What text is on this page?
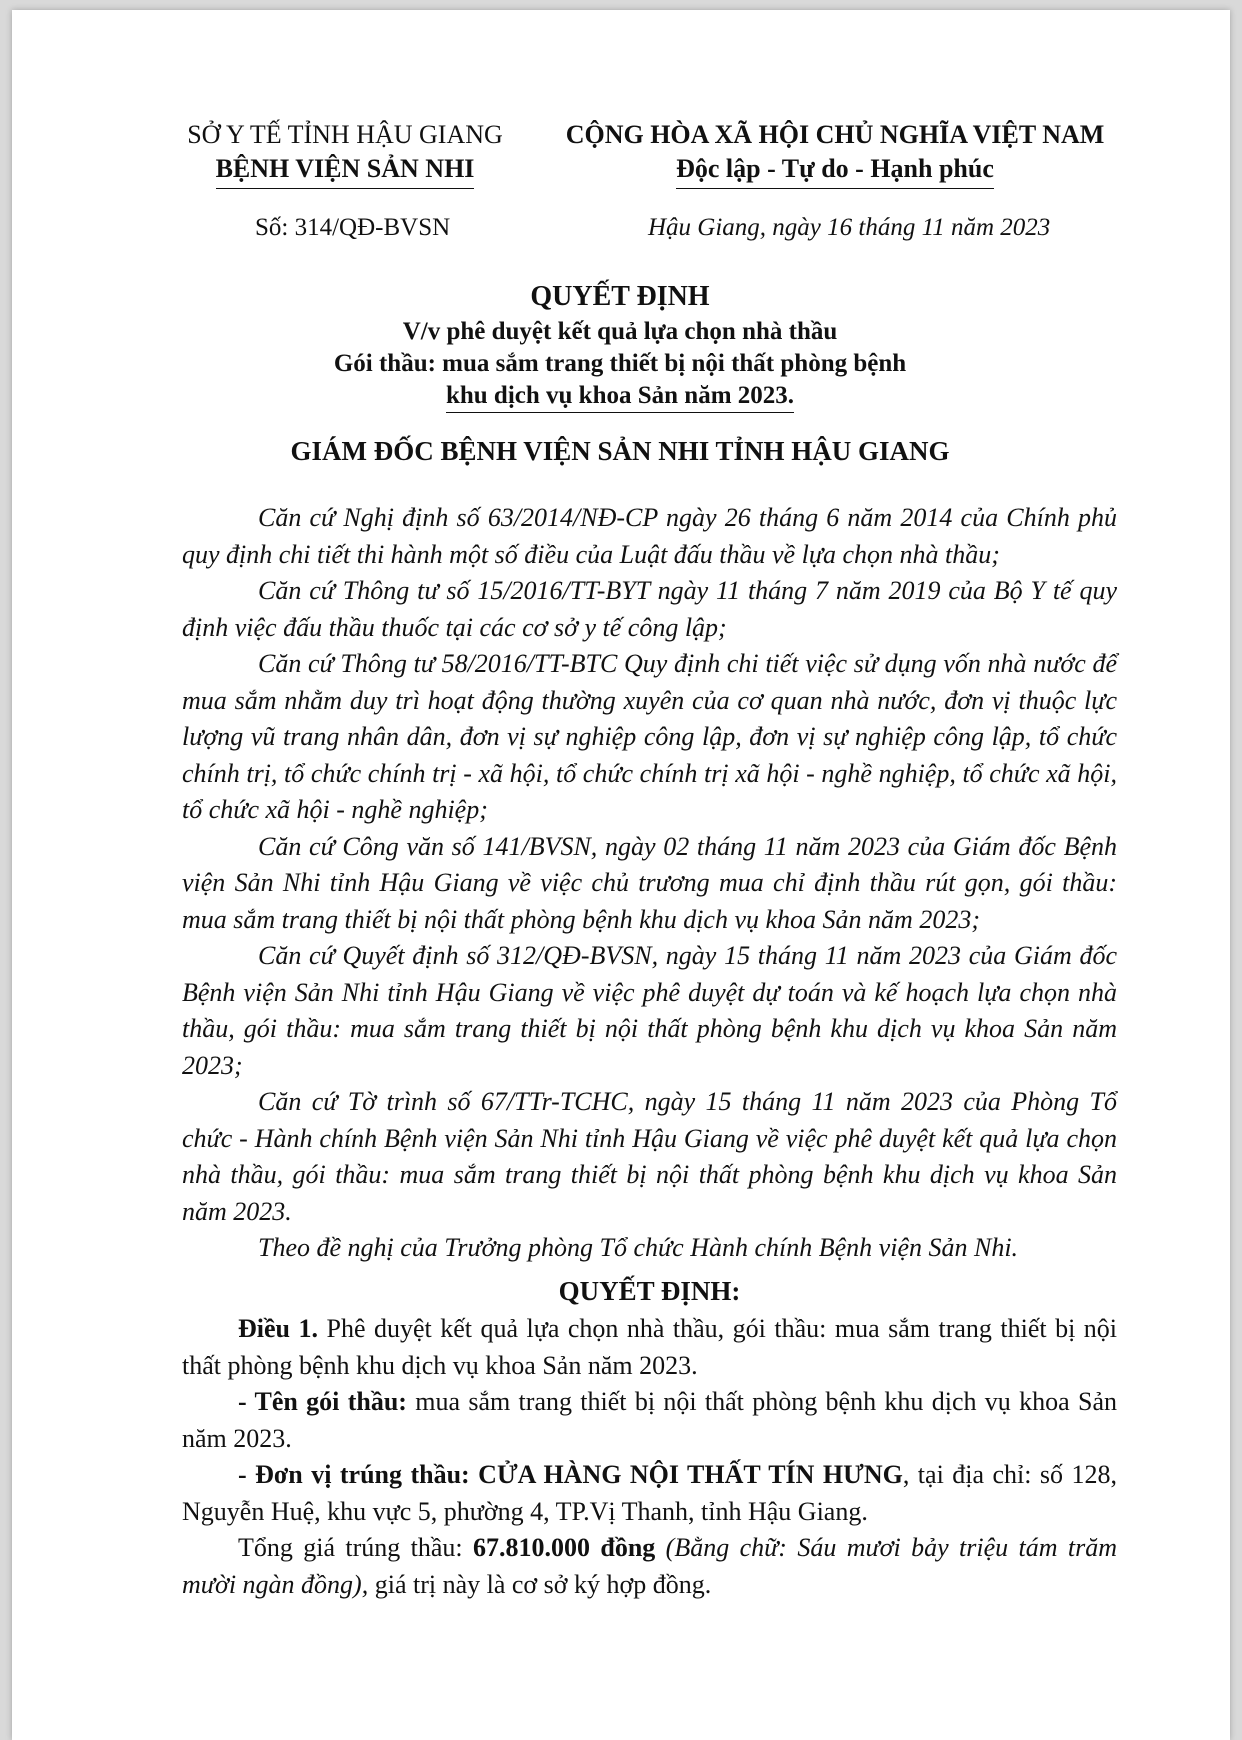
SỞ Y TẾ TỈNH HẬU GIANG
BỆNH VIỆN SẢN NHI
CỘNG HÒA XÃ HỘI CHỦ NGHĨA VIỆT NAM
Độc lập - Tự do - Hạnh phúc
Số: 314/QĐ-BVSN	Hậu Giang, ngày 16 tháng 11 năm 2023
QUYẾT ĐỊNH
V/v phê duyệt kết quả lựa chọn nhà thầu
Gói thầu: mua sắm trang thiết bị nội thất phòng bệnh
khu dịch vụ khoa Sản năm 2023.
GIÁM ĐỐC BỆNH VIỆN SẢN NHI TỈNH HẬU GIANG

Căn cứ Nghị định số 63/2014/NĐ-CP ngày 26 tháng 6 năm 2014 của Chính phủ quy định chi tiết thi hành một số điều của Luật đấu thầu về lựa chọn nhà thầu;

Căn cứ Thông tư số 15/2016/TT-BYT ngày 11 tháng 7 năm 2019 của Bộ Y tế quy định việc đấu thầu thuốc tại các cơ sở y tế công lập;

Căn cứ Thông tư 58/2016/TT-BTC Quy định chi tiết việc sử dụng vốn nhà nước để mua sắm nhằm duy trì hoạt động thường xuyên của cơ quan nhà nước, đơn vị thuộc lực lượng vũ trang nhân dân, đơn vị sự nghiệp công lập, đơn vị sự nghiệp công lập, tổ chức chính trị, tổ chức chính trị - xã hội, tổ chức chính trị xã hội - nghề nghiệp, tổ chức xã hội, tổ chức xã hội - nghề nghiệp;

Căn cứ Công văn số 141/BVSN, ngày 02 tháng 11 năm 2023 của Giám đốc Bệnh viện Sản Nhi tỉnh Hậu Giang về việc chủ trương mua chỉ định thầu rút gọn, gói thầu: mua sắm trang thiết bị nội thất phòng bệnh khu dịch vụ khoa Sản năm 2023;

Căn cứ Quyết định số 312/QĐ-BVSN, ngày 15 tháng 11 năm 2023 của Giám đốc Bệnh viện Sản Nhi tỉnh Hậu Giang về việc phê duyệt dự toán và kế hoạch lựa chọn nhà thầu, gói thầu: mua sắm trang thiết bị nội thất phòng bệnh khu dịch vụ khoa Sản năm 2023;

Căn cứ Tờ trình số 67/TTr-TCHC, ngày 15 tháng 11 năm 2023 của Phòng Tổ chức - Hành chính Bệnh viện Sản Nhi tỉnh Hậu Giang về việc phê duyệt kết quả lựa chọn nhà thầu, gói thầu: mua sắm trang thiết bị nội thất phòng bệnh khu dịch vụ khoa Sản năm 2023.

Theo đề nghị của Trưởng phòng Tổ chức Hành chính Bệnh viện Sản Nhi.

QUYẾT ĐỊNH:

Điều 1. Phê duyệt kết quả lựa chọn nhà thầu, gói thầu: mua sắm trang thiết bị nội thất phòng bệnh khu dịch vụ khoa Sản năm 2023.

- Tên gói thầu: mua sắm trang thiết bị nội thất phòng bệnh khu dịch vụ khoa Sản năm 2023.

- Đơn vị trúng thầu: CỬA HÀNG NỘI THẤT TÍN HƯNG, tại địa chỉ: số 128, Nguyễn Huệ, khu vực 5, phường 4, TP.Vị Thanh, tỉnh Hậu Giang.

Tổng giá trúng thầu: 67.810.000 đồng (Bằng chữ: Sáu mươi bảy triệu tám trăm mười ngàn đồng), giá trị này là cơ sở ký hợp đồng.
